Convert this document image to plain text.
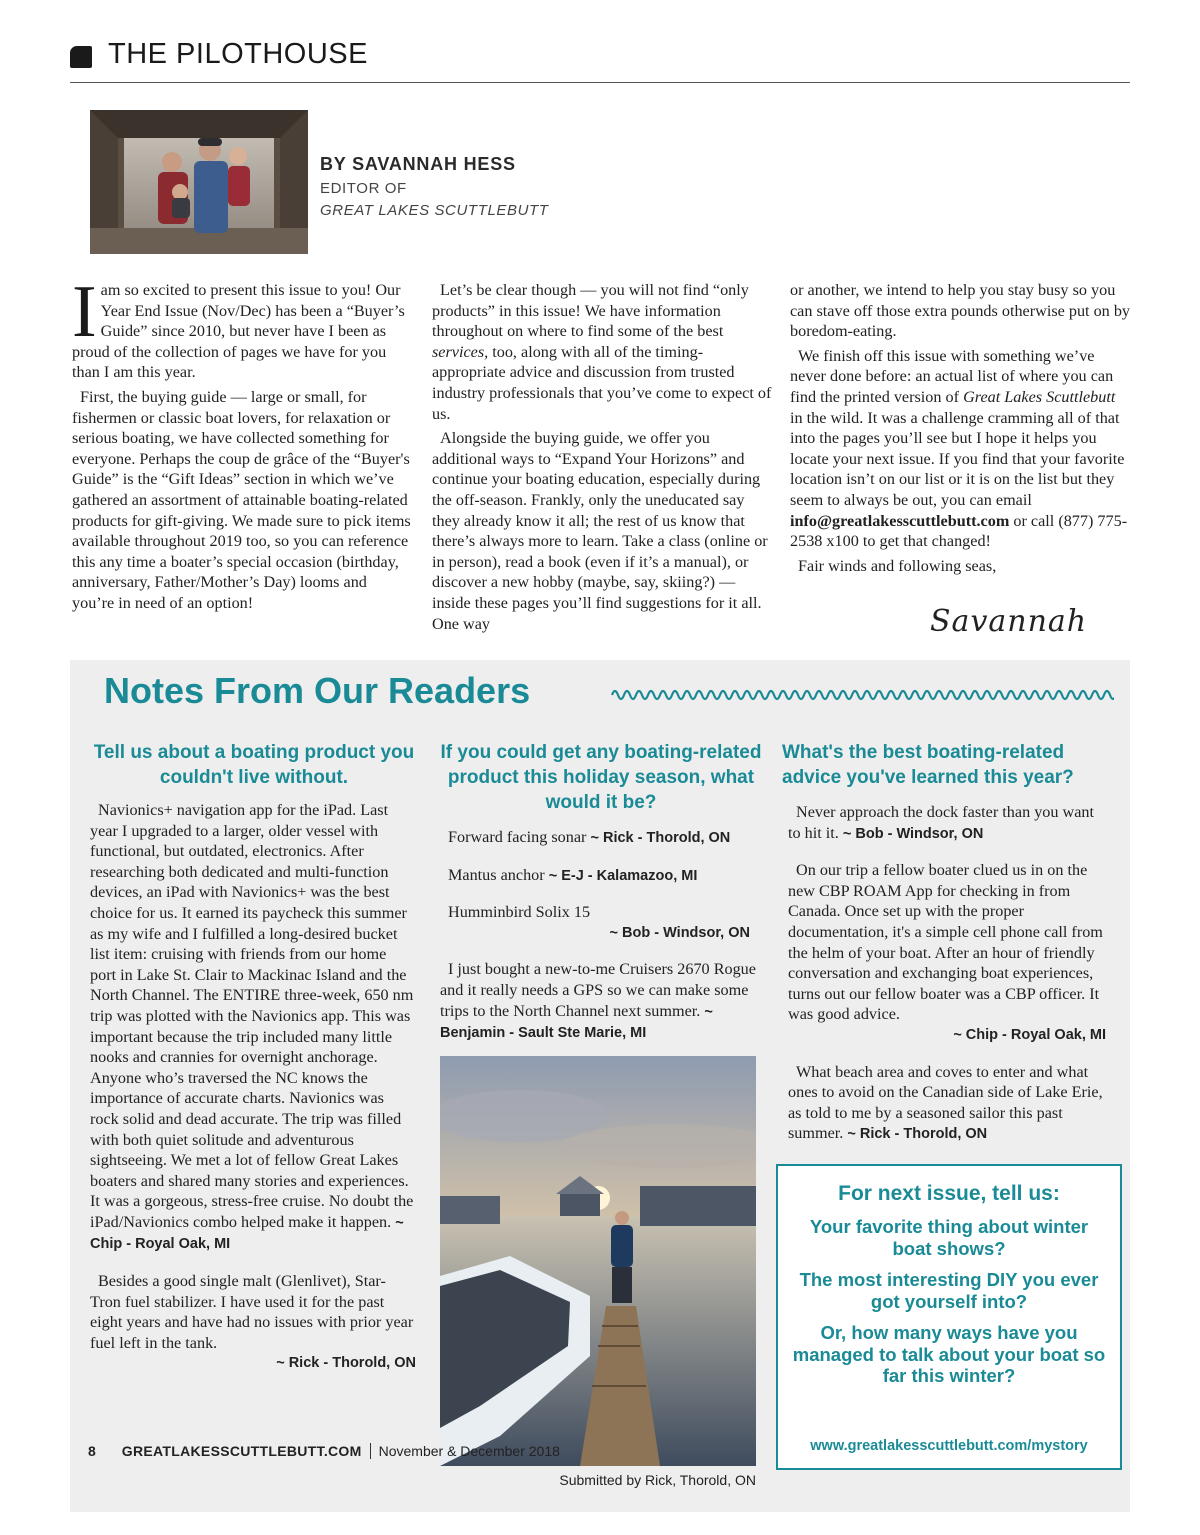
THE PILOTHOUSE
BY SAVANNAH HESS
EDITOR OF
GREAT LAKES SCUTTLEBUTT

Iam so excited to present this issue to you! Our Year End Issue (Nov/Dec) has been a “Buyer’s Guide” since 2010, but never have I been as proud of the collection of pages we have for you than I am this year.

First, the buying guide — large or small, for fishermen or classic boat lovers, for relaxation or serious boating, we have collected something for everyone. Perhaps the coup de grâce of the “Buyer's Guide” is the “Gift Ideas” section in which we’ve gathered an assortment of attainable boating-related products for gift-giving. We made sure to pick items available throughout 2019 too, so you can reference this any time a boater’s special occasion (birthday, anniversary, Father/Mother’s Day) looms and you’re in need of an option!

Let’s be clear though — you will not find “only products” in this issue! We have information throughout on where to find some of the best services, too, along with all of the timing-appropriate advice and discussion from trusted industry professionals that you’ve come to expect of us.

Alongside the buying guide, we offer you additional ways to “Expand Your Horizons” and continue your boating education, especially during the off-season. Frankly, only the uneducated say they already know it all; the rest of us know that there’s always more to learn. Take a class (online or in person), read a book (even if it’s a manual), or discover a new hobby (maybe, say, skiing?) — inside these pages you’ll find suggestions for it all. One way

or another, we intend to help you stay busy so you can stave off those extra pounds otherwise put on by boredom-eating.

We finish off this issue with something we’ve never done before: an actual list of where you can find the printed version of Great Lakes Scuttlebutt in the wild. It was a challenge cramming all of that into the pages you’ll see but I hope it helps you locate your next issue. If you find that your favorite location isn’t on our list or it is on the list but they seem to always be out, you can email info@greatlakesscuttlebutt.com or call (877) 775-2538 x100 to get that changed!

Fair winds and following seas,

Savannah
Notes From Our Readers
Tell us about a boating product you couldn't live without.

Navionics+ navigation app for the iPad. Last year I upgraded to a larger, older vessel with functional, but outdated, electronics. After researching both dedicated and multi-function devices, an iPad with Navionics+ was the best choice for us. It earned its paycheck this summer as my wife and I fulfilled a long-desired bucket list item: cruising with friends from our home port in Lake St. Clair to Mackinac Island and the North Channel. The ENTIRE three-week, 650 nm trip was plotted with the Navionics app. This was important because the trip included many little nooks and crannies for overnight anchorage. Anyone who’s traversed the NC knows the importance of accurate charts. Navionics was rock solid and dead accurate. The trip was filled with both quiet solitude and adventurous sightseeing. We met a lot of fellow Great Lakes boaters and shared many stories and experiences. It was a gorgeous, stress-free cruise. No doubt the iPad/Navionics combo helped make it happen. ~ Chip - Royal Oak, MI

Besides a good single malt (Glenlivet), Star-Tron fuel stabilizer. I have used it for the past eight years and have had no issues with prior year fuel left in the tank.
~ Rick - Thorold, ON

If you could get any boating-related product this holiday season, what would it be?

Forward facing sonar ~ Rick - Thorold, ON

Mantus anchor ~ E-J - Kalamazoo, MI

Humminbird Solix 15
~ Bob - Windsor, ON

I just bought a new-to-me Cruisers 2670 Rogue and it really needs a GPS so we can make some trips to the North Channel next summer. ~ Benjamin - Sault Ste Marie, MI

Submitted by Rick, Thorold, ON
What's the best boating-related advice you've learned this year?

Never approach the dock faster than you want to hit it. ~ Bob - Windsor, ON

On our trip a fellow boater clued us in on the new CBP ROAM App for checking in from Canada. Once set up with the proper documentation, it's a simple cell phone call from the helm of your boat. After an hour of friendly conversation and exchanging boat experiences, turns out our fellow boater was a CBP officer. It was good advice.
~ Chip - Royal Oak, MI

What beach area and coves to enter and what ones to avoid on the Canadian side of Lake Erie, as told to me by a seasoned sailor this past summer. ~ Rick - Thorold, ON

For next issue, tell us:
Your favorite thing about winter boat shows?
The most interesting DIY you ever got yourself into?
Or, how many ways have you managed to talk about your boat so far this winter?
www.greatlakesscuttlebutt.com/mystory
8 GREATLAKESSCUTTLEBUTT.COM November & December 2018
